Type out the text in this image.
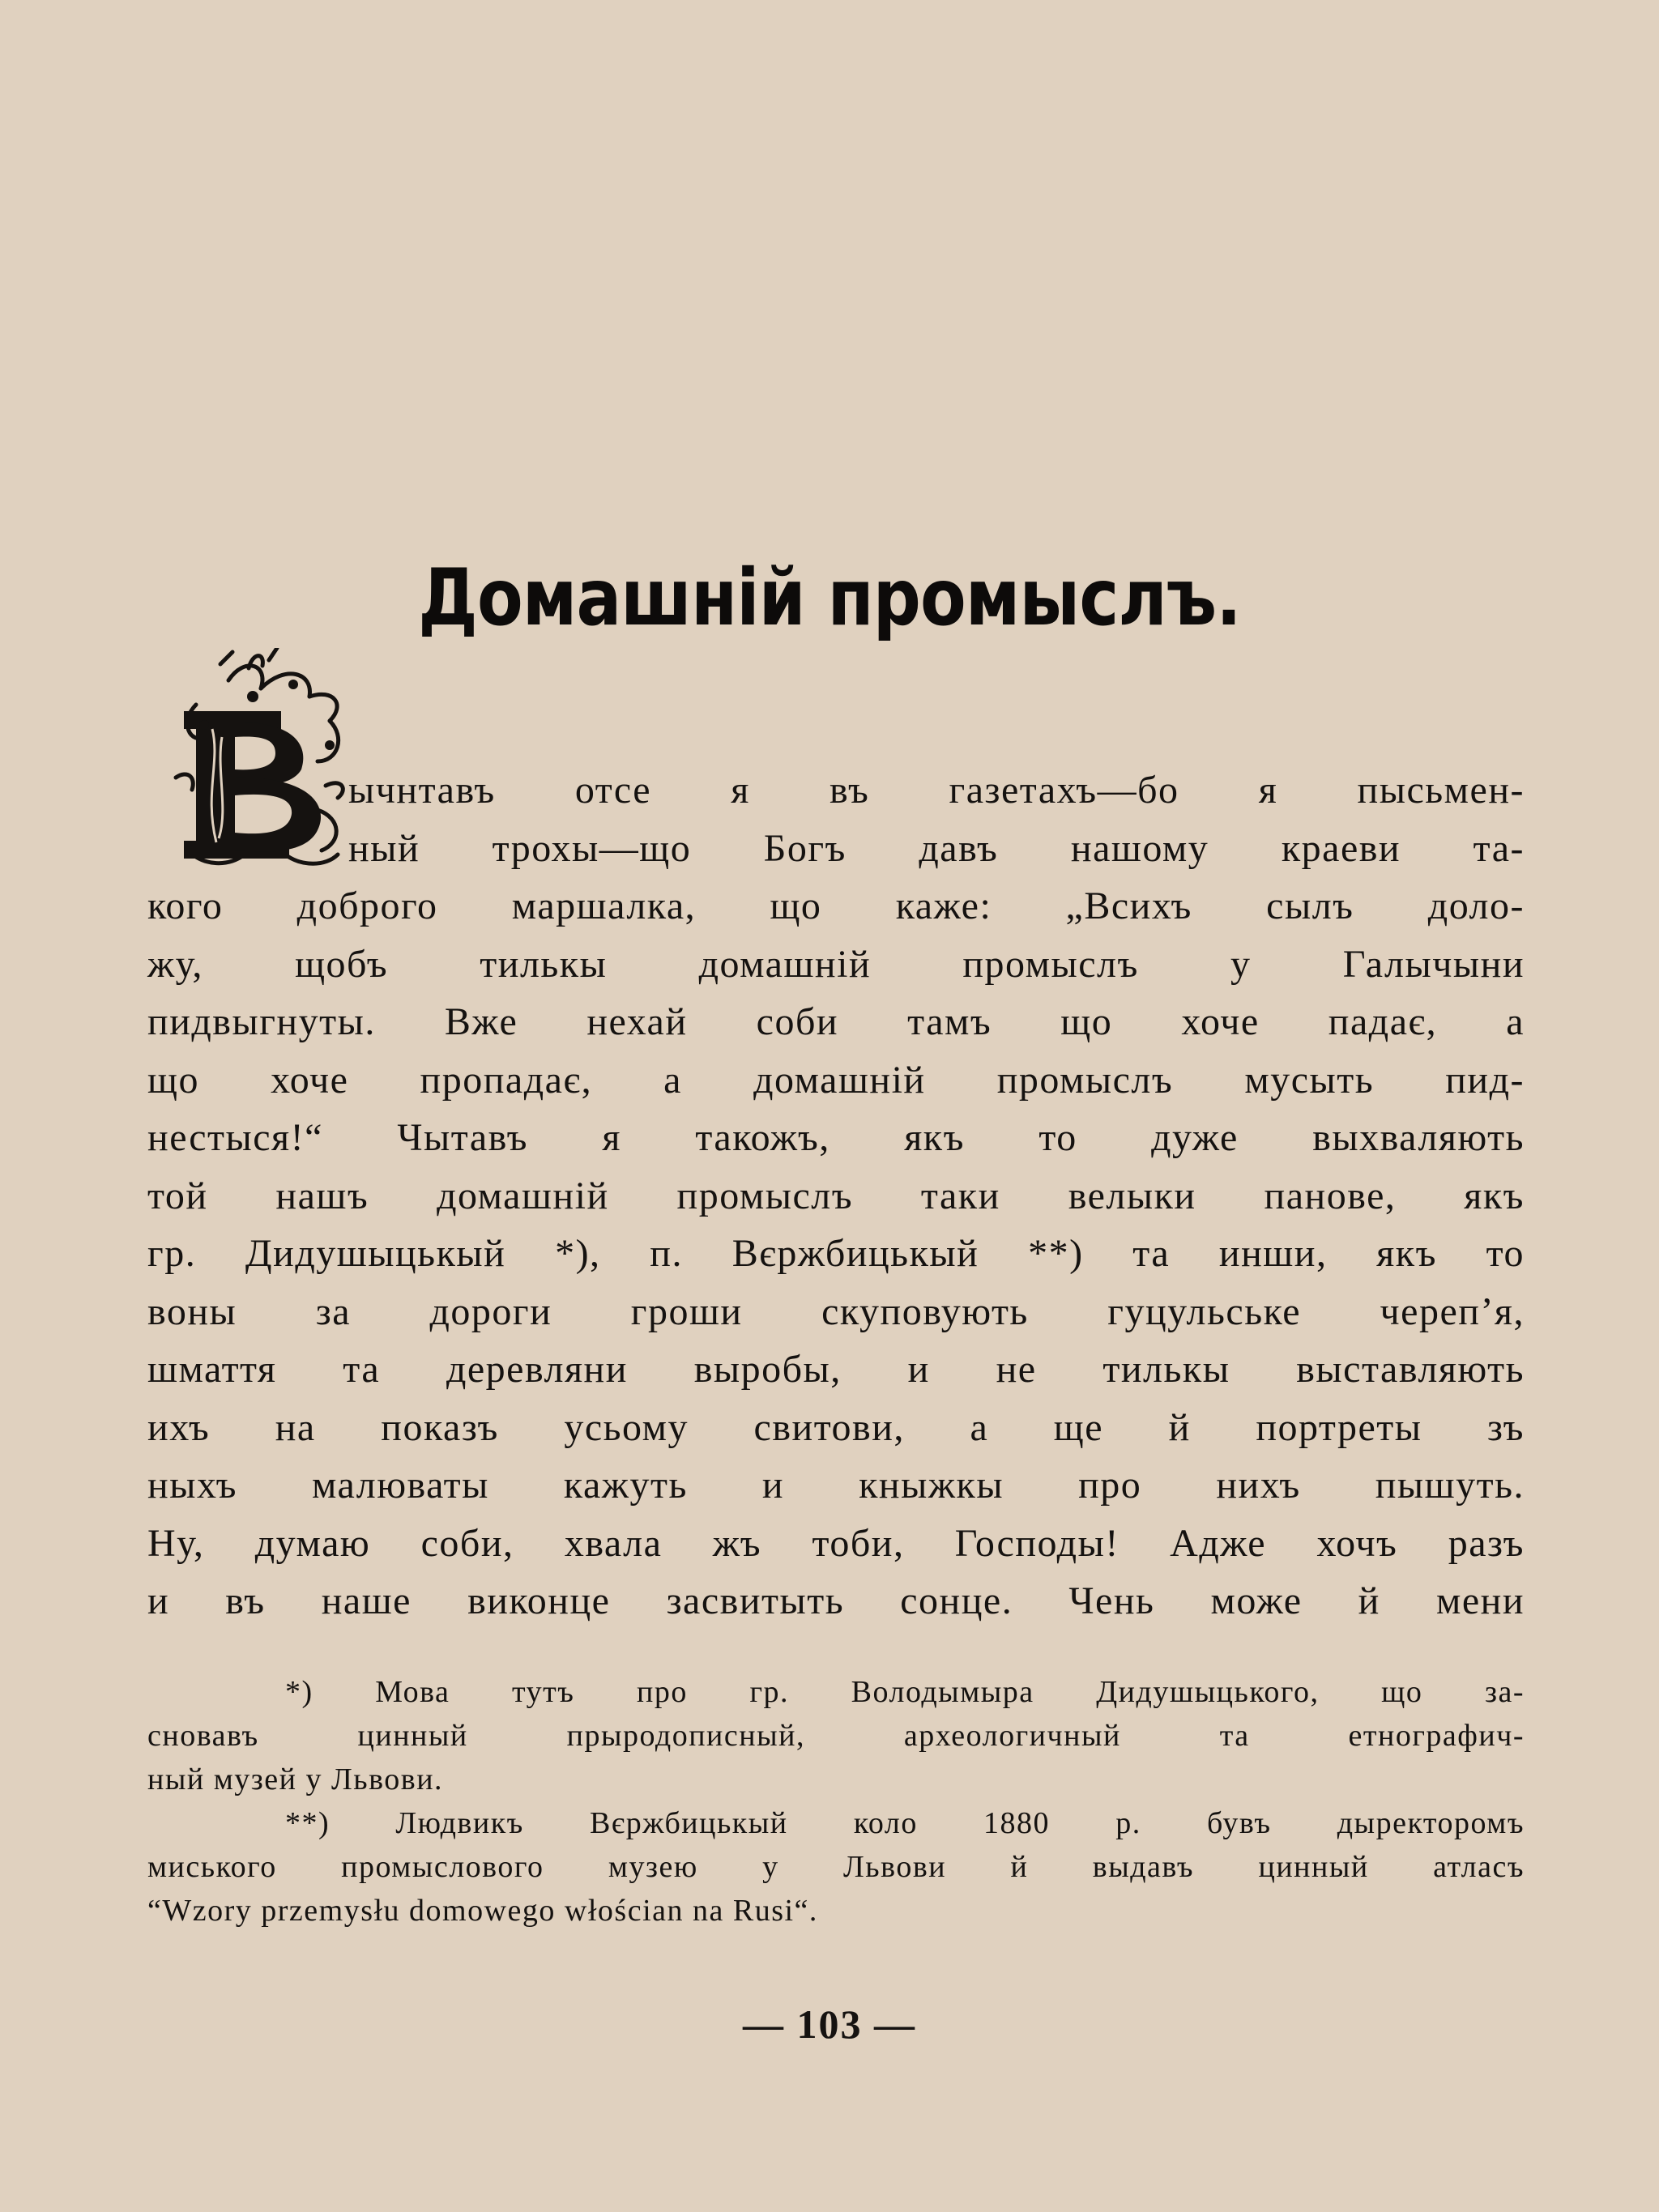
Домашній промыслъ.
ычнтавъ отсе я въ газетахъ—бо я пысьмен-
ный трохы—що Богъ давъ нашому краеви та-
кого доброго маршалка, що каже: „Всихъ сылъ доло-
жу, щобъ тилькы домашній промыслъ у Галычыни
пидвыгнуты. Вже нехай соби тамъ що хоче падає, а
що хоче пропадає, а домашній промыслъ мусыть пид-
нестыся!“ Чытавъ я такожъ, якъ то дуже выхваляють
той нашъ домашній промыслъ таки велыки панове, якъ
гр. Дидушыцькый *), п. Вєржбицькый **) та инши, якъ то
воны за дороги гроши скуповують гуцульське черепʼя,
шмаття та деревляни выробы, и не тилькы выставляють
ихъ на показъ усьому свитови, а ще й портреты зъ
ныхъ малюваты кажуть и кныжкы про нихъ пышуть.
Ну, думаю соби, хвала жъ тоби, Господы! Адже хочъ разъ
и въ наше виконце засвитыть сонце. Чень може й мени
*) Мова тутъ про гр. Володымыра Дидушыцького, що за-
сновавъ цинный прыродописный, археологичный та етнографич-
ный музей у Львови.
**) Людвикъ Вєржбицькый коло 1880 р. бувъ дыректоромъ
миського промыслового музею у Львови й выдавъ цинный атласъ
“Wzory przemysłu domowego włościan na Rusi“.
— 103 —
